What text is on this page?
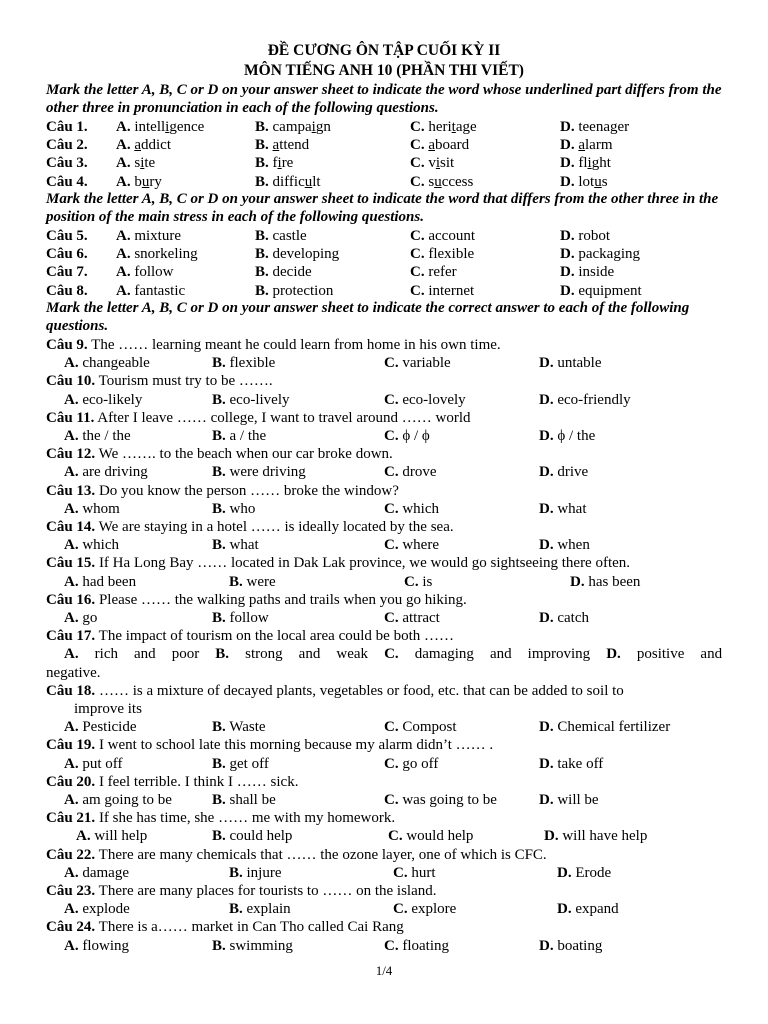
ĐỀ CƯƠNG ÔN TẬP CUỐI KỲ II
MÔN TIẾNG ANH 10 (PHẦN THI VIẾT)
Mark the letter A, B, C or D on your answer sheet to indicate the word whose underlined part differs from the other three in pronunciation in each of the following questions.
Mark the letter A, B, C or D on your answer sheet to indicate the word that differs from the other three in the position of the main stress in each of the following questions.
Mark the letter A, B, C or D on your answer sheet to indicate the correct answer to each of the following questions.
1/4
Câu 1. A. intelligence	B. campaign	C. heritage	D. teenager
Câu 2. A. addict	B. attend	C. aboard	D. alarm
Câu 3. A. site	B. fire	C. visit	D. flight
Câu 4. A. bury	B. difficult	C. success	D. lotus
Câu 5. A. mixture	B. castle	C. account	D. robot
Câu 6. A. snorkeling	B. developing	C. flexible	D. packaging
Câu 7. A. follow	B. decide	C. refer	D. inside
Câu 8. A. fantastic	B. protection	C. internet	D. equipment
Câu 9. The …… learning meant he could learn from home in his own time.
A. changeable	B. flexible	C. variable	D. untable
Câu 10. Tourism must try to be …….
A. eco-likely	B. eco-lively	C. eco-lovely	D. eco-friendly
Câu 11. After I leave …… college, I want to travel around …… world
A. the / the	B. a / the	C. ϕ / ϕ	D. ϕ / the
Câu 12. We ……. to the beach when our car broke down.
A. are driving	B. were driving	C. drove	D. drive
Câu 13. Do you know the person …… broke the window?
A. whom	B. who	C. which	D. what
Câu 14. We are staying in a hotel …… is ideally located by the sea.
A. which	B. what	C. where	D. when
Câu 15. If Ha Long Bay …… located in Dak Lak province, we would go sightseeing there often.
A. had been	B. were	C. is	D. has been
Câu 16. Please …… the walking paths and trails when you go hiking.
A. go	B. follow	C. attract	D. catch
Câu 17. The impact of tourism on the local area could be both ……
A. rich and poor B. strong and weak C. damaging and improving D. positive and
negative.
Câu 18. …… is a mixture of decayed plants, vegetables or food, etc. that can be added to soil to
improve its
A. Pesticide	B. Waste	C. Compost	D. Chemical fertilizer
Câu 19. I went to school late this morning because my alarm didn’t …… .
A. put off	B. get off	C. go off	D. take off
Câu 20. I feel terrible. I think I …… sick.
A. am going to be	B. shall be	C. was going to be	D. will be
Câu 21. If she has time, she …… me with my homework.
A. will help	B. could help	C. would help	D. will have help
Câu 22. There are many chemicals that …… the ozone layer, one of which is CFC.
A. damage	B. injure	C. hurt	D. Erode
Câu 23. There are many places for tourists to …… on the island.
A. explode	B. explain	C. explore	D. expand
Câu 24. There is a…… market in Can Tho called Cai Rang
A. flowing	B. swimming	C. floating	D. boating
